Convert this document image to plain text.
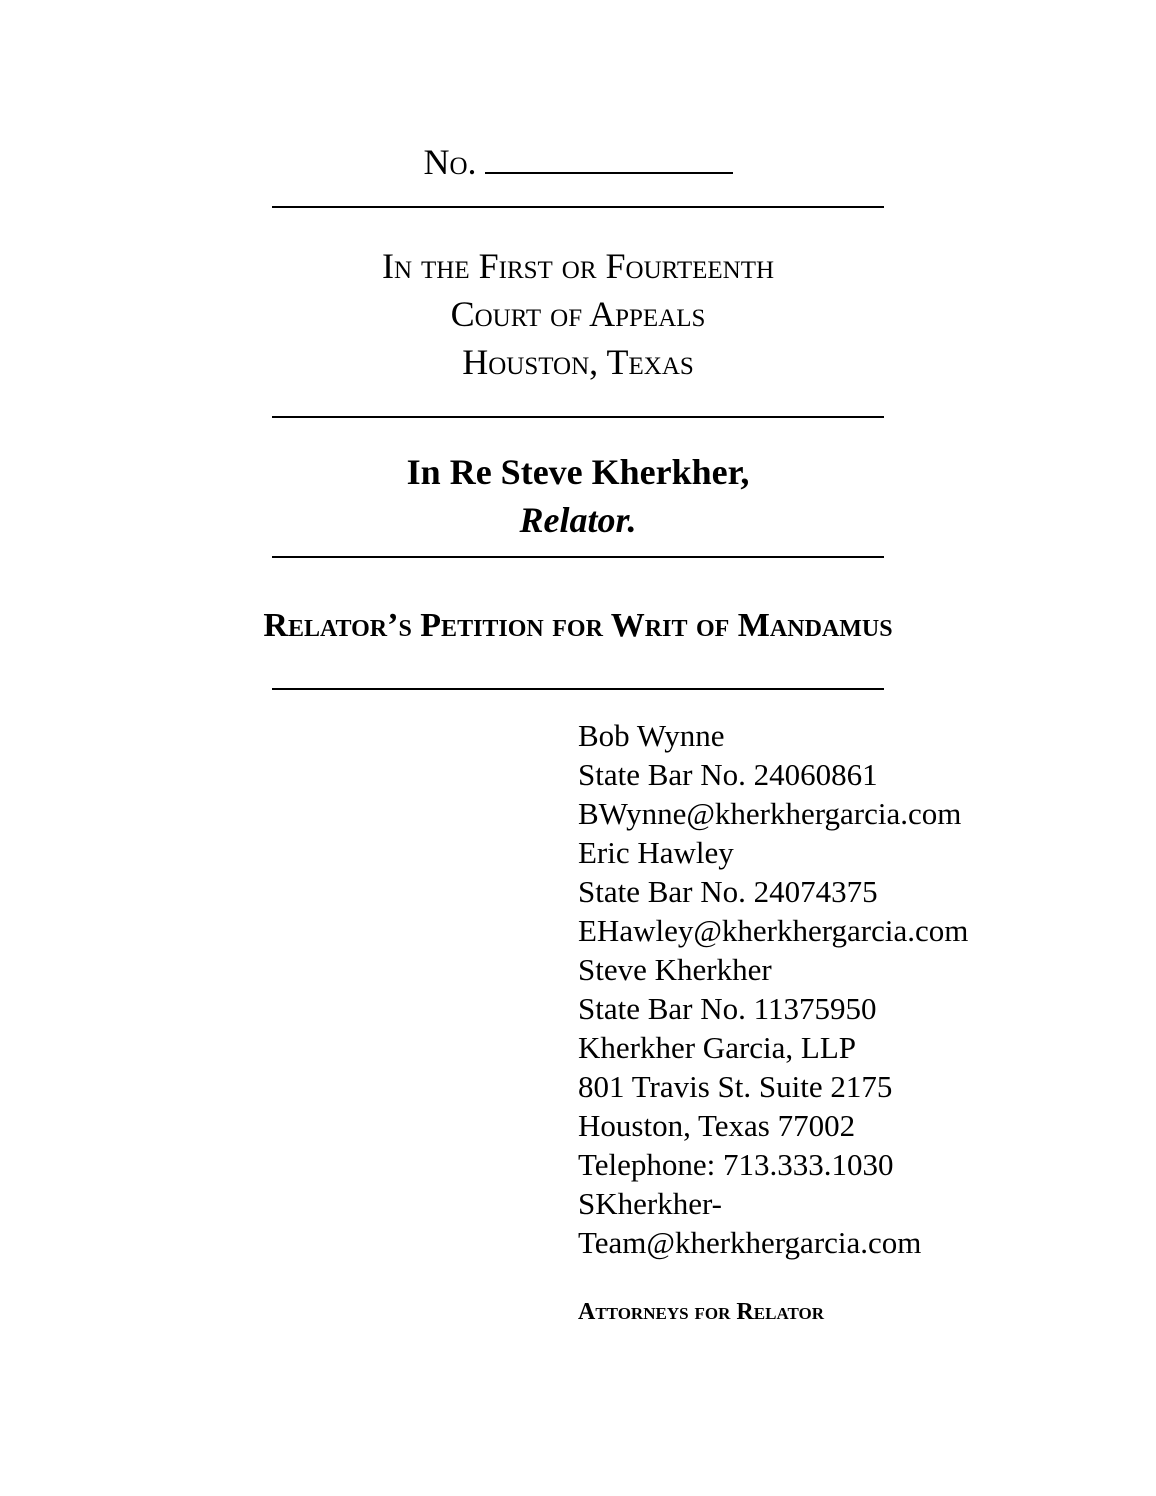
No.
In the First or Fourteenth
Court of Appeals
Houston, Texas
In Re Steve Kherkher,
Relator.
Relator’s Petition for Writ of Mandamus
Bob Wynne
State Bar No. 24060861
BWynne@kherkhergarcia.com
Eric Hawley
State Bar No. 24074375
EHawley@kherkhergarcia.com
Steve Kherkher
State Bar No. 11375950
Kherkher Garcia, LLP
801 Travis St. Suite 2175
Houston, Texas 77002
Telephone: 713.333.1030
SKherkher-
Team@kherkhergarcia.com
Attorneys for Relator
